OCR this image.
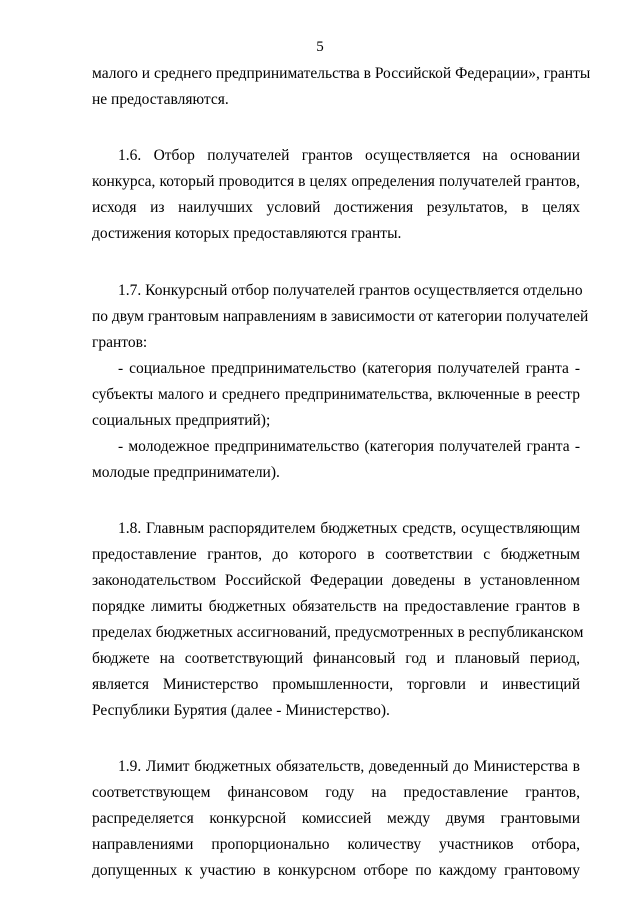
5
малого и среднего предпринимательства в Российской Федерации», гранты
не предоставляются.
1.6. Отбор получателей грантов осуществляется на основании
конкурса, который проводится в целях определения получателей грантов,
исходя из наилучших условий достижения результатов, в целях
достижения которых предоставляются гранты.
1.7. Конкурсный отбор получателей грантов осуществляется отдельно
по двум грантовым направлениям в зависимости от категории получателей
грантов:
- социальное предпринимательство (категория получателей гранта -
субъекты малого и среднего предпринимательства, включенные в реестр
социальных предприятий);
- молодежное предпринимательство (категория получателей гранта -
молодые предприниматели).
1.8. Главным распорядителем бюджетных средств, осуществляющим
предоставление грантов, до которого в соответствии с бюджетным
законодательством Российской Федерации доведены в установленном
порядке лимиты бюджетных обязательств на предоставление грантов в
пределах бюджетных ассигнований, предусмотренных в республиканском
бюджете на соответствующий финансовый год и плановый период,
является Министерство промышленности, торговли и инвестиций
Республики Бурятия (далее - Министерство).
1.9. Лимит бюджетных обязательств, доведенный до Министерства в
соответствующем финансовом году на предоставление грантов,
распределяется конкурсной комиссией между двумя грантовыми
направлениями пропорционально количеству участников отбора,
допущенных к участию в конкурсном отборе по каждому грантовому
